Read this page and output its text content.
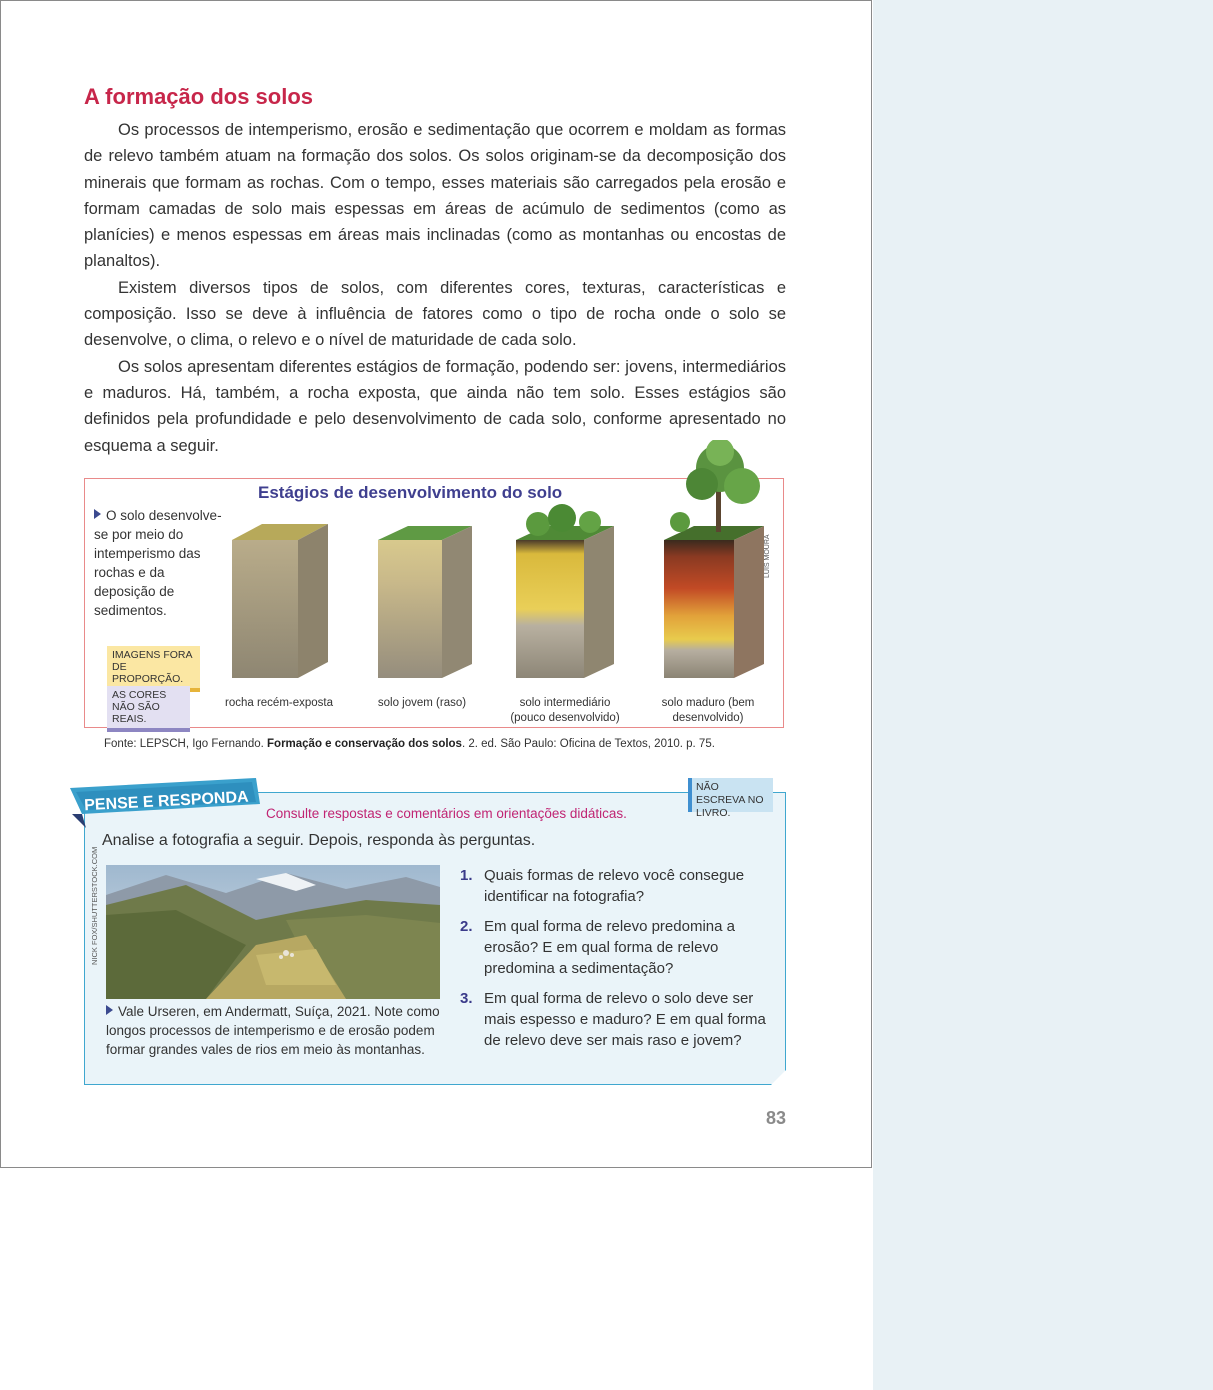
A formação dos solos

Os processos de intemperismo, erosão e sedimentação que ocorrem e moldam as formas de relevo também atuam na formação dos solos. Os solos originam-se da decomposição dos minerais que formam as rochas. Com o tempo, esses materiais são carregados pela erosão e formam camadas de solo mais espessas em áreas de acúmulo de sedimentos (como as planícies) e menos espessas em áreas mais inclinadas (como as montanhas ou encostas de planaltos).

Existem diversos tipos de solos, com diferentes cores, texturas, características e composição. Isso se deve à influência de fatores como o tipo de rocha onde o solo se desenvolve, o clima, o relevo e o nível de maturidade de cada solo.

Os solos apresentam diferentes estágios de formação, podendo ser: jovens, intermediários e maduros. Há, também, a rocha exposta, que ainda não tem solo. Esses estágios são definidos pela profundidade e pelo desenvolvimento de cada solo, conforme apresentado no esquema a seguir.

Estágios de desenvolvimento do solo
O solo desenvolve-se por meio do intemperismo das rochas e da deposição de sedimentos.
IMAGENS FORA DE PROPORÇÃO.
AS CORES NÃO SÃO REAIS.
LUIS MOURA
rocha recém-exposta	solo jovem (raso)	solo intermediário (pouco desenvolvido)
solo maduro (bem desenvolvido)
Fonte: LEPSCH, Igo Fernando. Formação e conservação dos solos. 2. ed. São Paulo: Oficina de Textos, 2010. p. 75.
PENSE E RESPONDA Consulte respostas e comentários em orientações didáticas.
NÃO ESCREVA NO LIVRO.
Analise a fotografia a seguir. Depois, responda às perguntas.
NICK FOX/SHUTTERSTOCK.COM
Vale Urseren, em Andermatt, Suíça, 2021. Note como longos processos de intemperismo e de erosão podem formar grandes vales de rios em meio às montanhas.
1. Quais formas de relevo você consegue identificar na fotografia?
2. Em qual forma de relevo predomina a erosão? E em qual forma de relevo predomina a sedimentação?
3. Em qual forma de relevo o solo deve ser mais espesso e maduro? E em qual forma de relevo deve ser mais raso e jovem?
83
